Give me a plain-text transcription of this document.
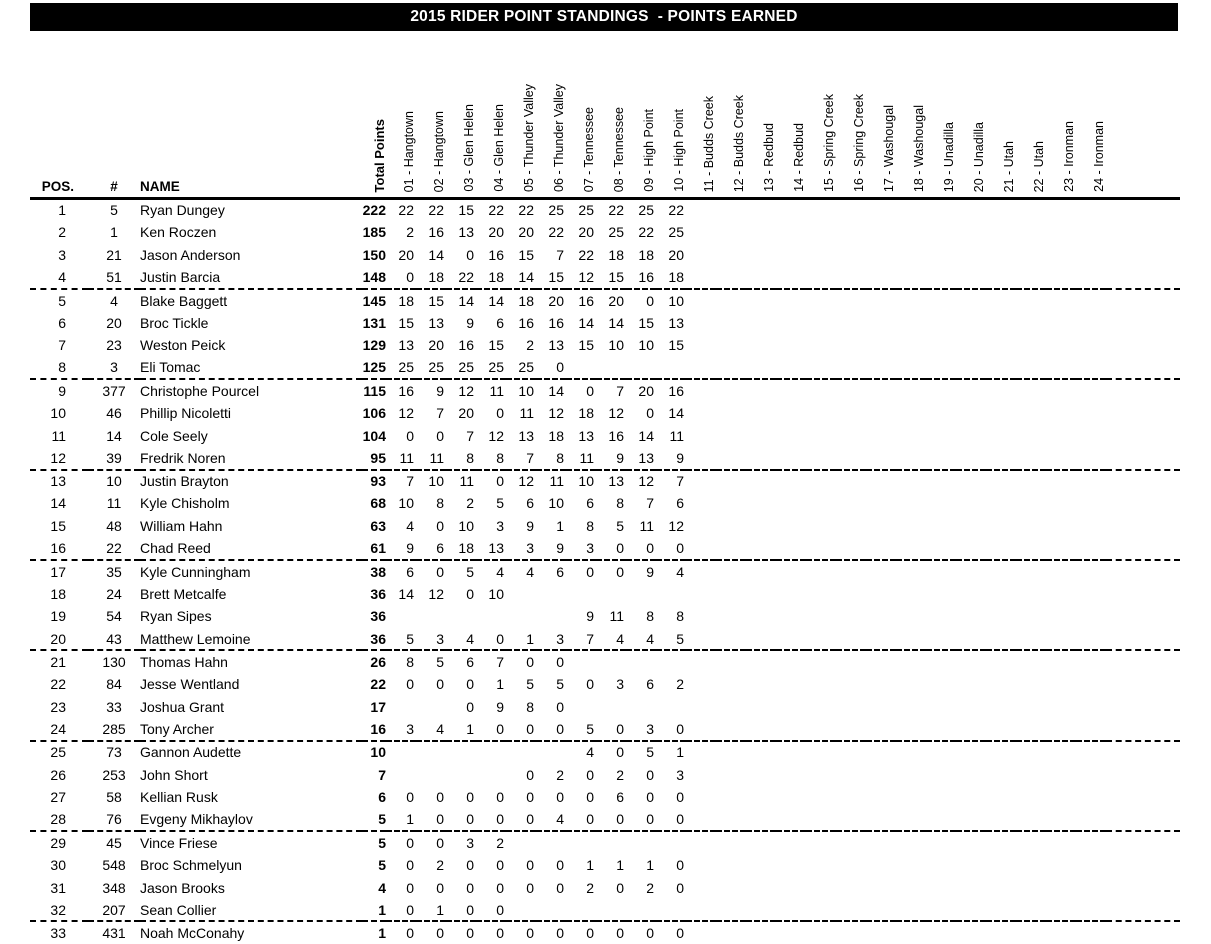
2015 RIDER POINT STANDINGS  - POINTS EARNED
POS.	#	NAME	Total Points	01 - Hangtown	02 - Hangtown	03 - Glen Helen	04 - Glen Helen	05 - Thunder Valley	06 - Thunder Valley	07 - Tennessee	08 - Tennessee	09 - High Point	10 - High Point	11 - Budds Creek	12 - Budds Creek	13 - Redbud	14 - Redbud	15 - Spring Creek	16 - Spring Creek	17 - Washougal	18 - Washougal	19 - Unadilla	20 - Unadilla	21 - Utah	22 - Utah	23 - Ironman	24 - Ironman	
1	5	Ryan Dungey	222	22	22	15	22	22	25	25	22	25	22															
2	1	Ken Roczen	185	2	16	13	20	20	22	20	25	22	25															
3	21	Jason Anderson	150	20	14	0	16	15	7	22	18	18	20															
4	51	Justin Barcia	148	0	18	22	18	14	15	12	15	16	18															
5	4	Blake Baggett	145	18	15	14	14	18	20	16	20	0	10															
6	20	Broc Tickle	131	15	13	9	6	16	16	14	14	15	13															
7	23	Weston Peick	129	13	20	16	15	2	13	15	10	10	15															
8	3	Eli Tomac	125	25	25	25	25	25	0																			
9	377	Christophe Pourcel	115	16	9	12	11	10	14	0	7	20	16															
10	46	Phillip Nicoletti	106	12	7	20	0	11	12	18	12	0	14															
11	14	Cole Seely	104	0	0	7	12	13	18	13	16	14	11															
12	39	Fredrik Noren	95	11	11	8	8	7	8	11	9	13	9															
13	10	Justin Brayton	93	7	10	11	0	12	11	10	13	12	7															
14	11	Kyle Chisholm	68	10	8	2	5	6	10	6	8	7	6															
15	48	William Hahn	63	4	0	10	3	9	1	8	5	11	12															
16	22	Chad Reed	61	9	6	18	13	3	9	3	0	0	0															
17	35	Kyle Cunningham	38	6	0	5	4	4	6	0	0	9	4															
18	24	Brett Metcalfe	36	14	12	0	10																					
19	54	Ryan Sipes	36							9	11	8	8															
20	43	Matthew Lemoine	36	5	3	4	0	1	3	7	4	4	5															
21	130	Thomas Hahn	26	8	5	6	7	0	0																			
22	84	Jesse Wentland	22	0	0	0	1	5	5	0	3	6	2															
23	33	Joshua Grant	17			0	9	8	0																			
24	285	Tony Archer	16	3	4	1	0	0	0	5	0	3	0															
25	73	Gannon Audette	10							4	0	5	1															
26	253	John Short	7					0	2	0	2	0	3															
27	58	Kellian Rusk	6	0	0	0	0	0	0	0	6	0	0															
28	76	Evgeny Mikhaylov	5	1	0	0	0	0	4	0	0	0	0															
29	45	Vince Friese	5	0	0	3	2																					
30	548	Broc Schmelyun	5	0	2	0	0	0	0	1	1	1	0															
31	348	Jason Brooks	4	0	0	0	0	0	0	2	0	2	0															
32	207	Sean Collier	1	0	1	0	0																					
33	431	Noah McConahy	1	0	0	0	0	0	0	0	0	0	0															
